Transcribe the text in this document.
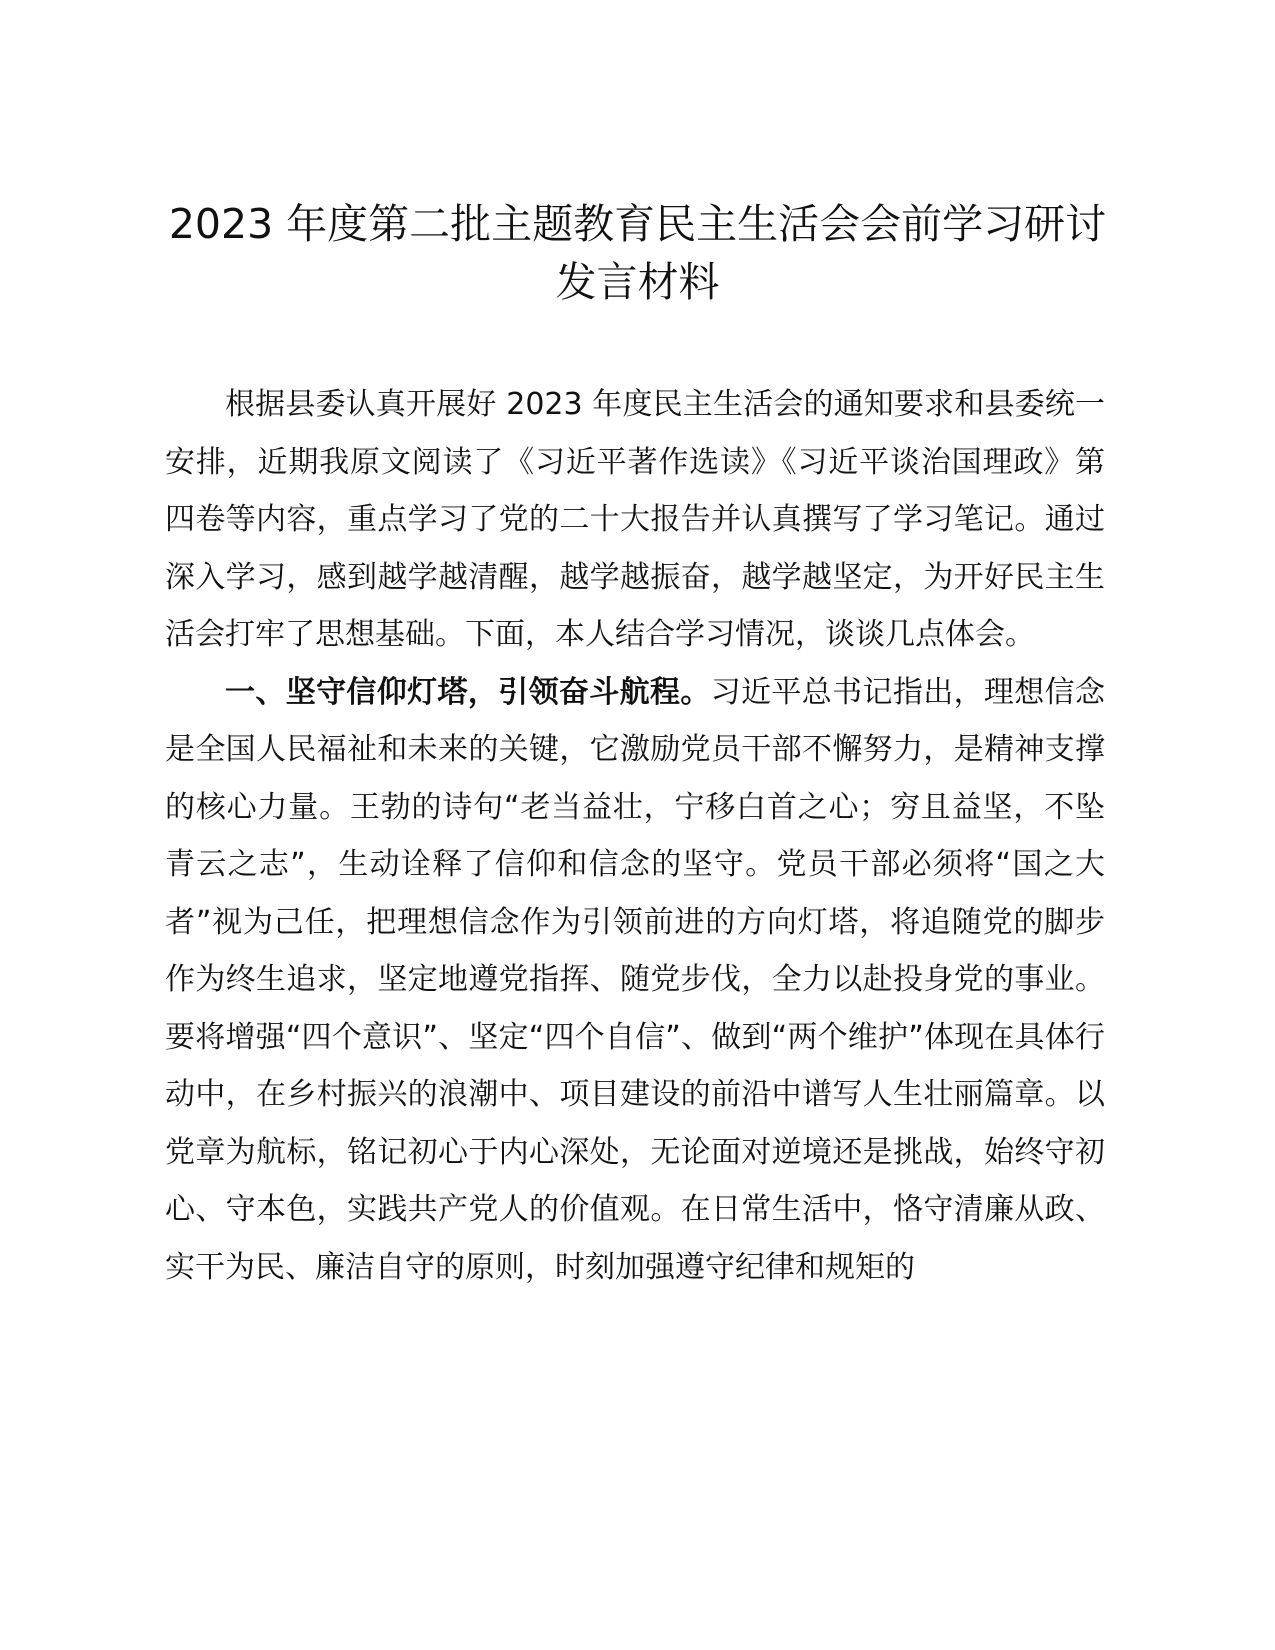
2023 年度第二批主题教育民主生活会会前学习研讨发言材料

根据县委认真开展好 2023 年度民主生活会的通知要求和县委统一安排，近期我原文阅读了《习近平著作选读》《习近平谈治国理政》第四卷等内容，重点学习了党的二十大报告并认真撰写了学习笔记。通过深入学习，感到越学越清醒，越学越振奋，越学越坚定，为开好民主生活会打牢了思想基础。下面，本人结合学习情况，谈谈几点体会。

一、坚守信仰灯塔，引领奋斗航程。习近平总书记指出，理想信念是全国人民福祉和未来的关键，它激励党员干部不懈努力，是精神支撑的核心力量。王勃的诗句“老当益壮，宁移白首之心；穷且益坚，不坠青云之志”，生动诠释了信仰和信念的坚守。党员干部必须将“国之大者”视为己任，把理想信念作为引领前进的方向灯塔，将追随党的脚步作为终生追求，坚定地遵党指挥、随党步伐，全力以赴投身党的事业。要将增强“四个意识”、坚定“四个自信”、做到“两个维护”体现在具体行动中，在乡村振兴的浪潮中、项目建设的前沿中谱写人生壮丽篇章。以党章为航标，铭记初心于内心深处，无论面对逆境还是挑战，始终守初心、守本色，实践共产党人的价值观。在日常生活中，恪守清廉从政、实干为民、廉洁自守的原则，时刻加强遵守纪律和规矩的
